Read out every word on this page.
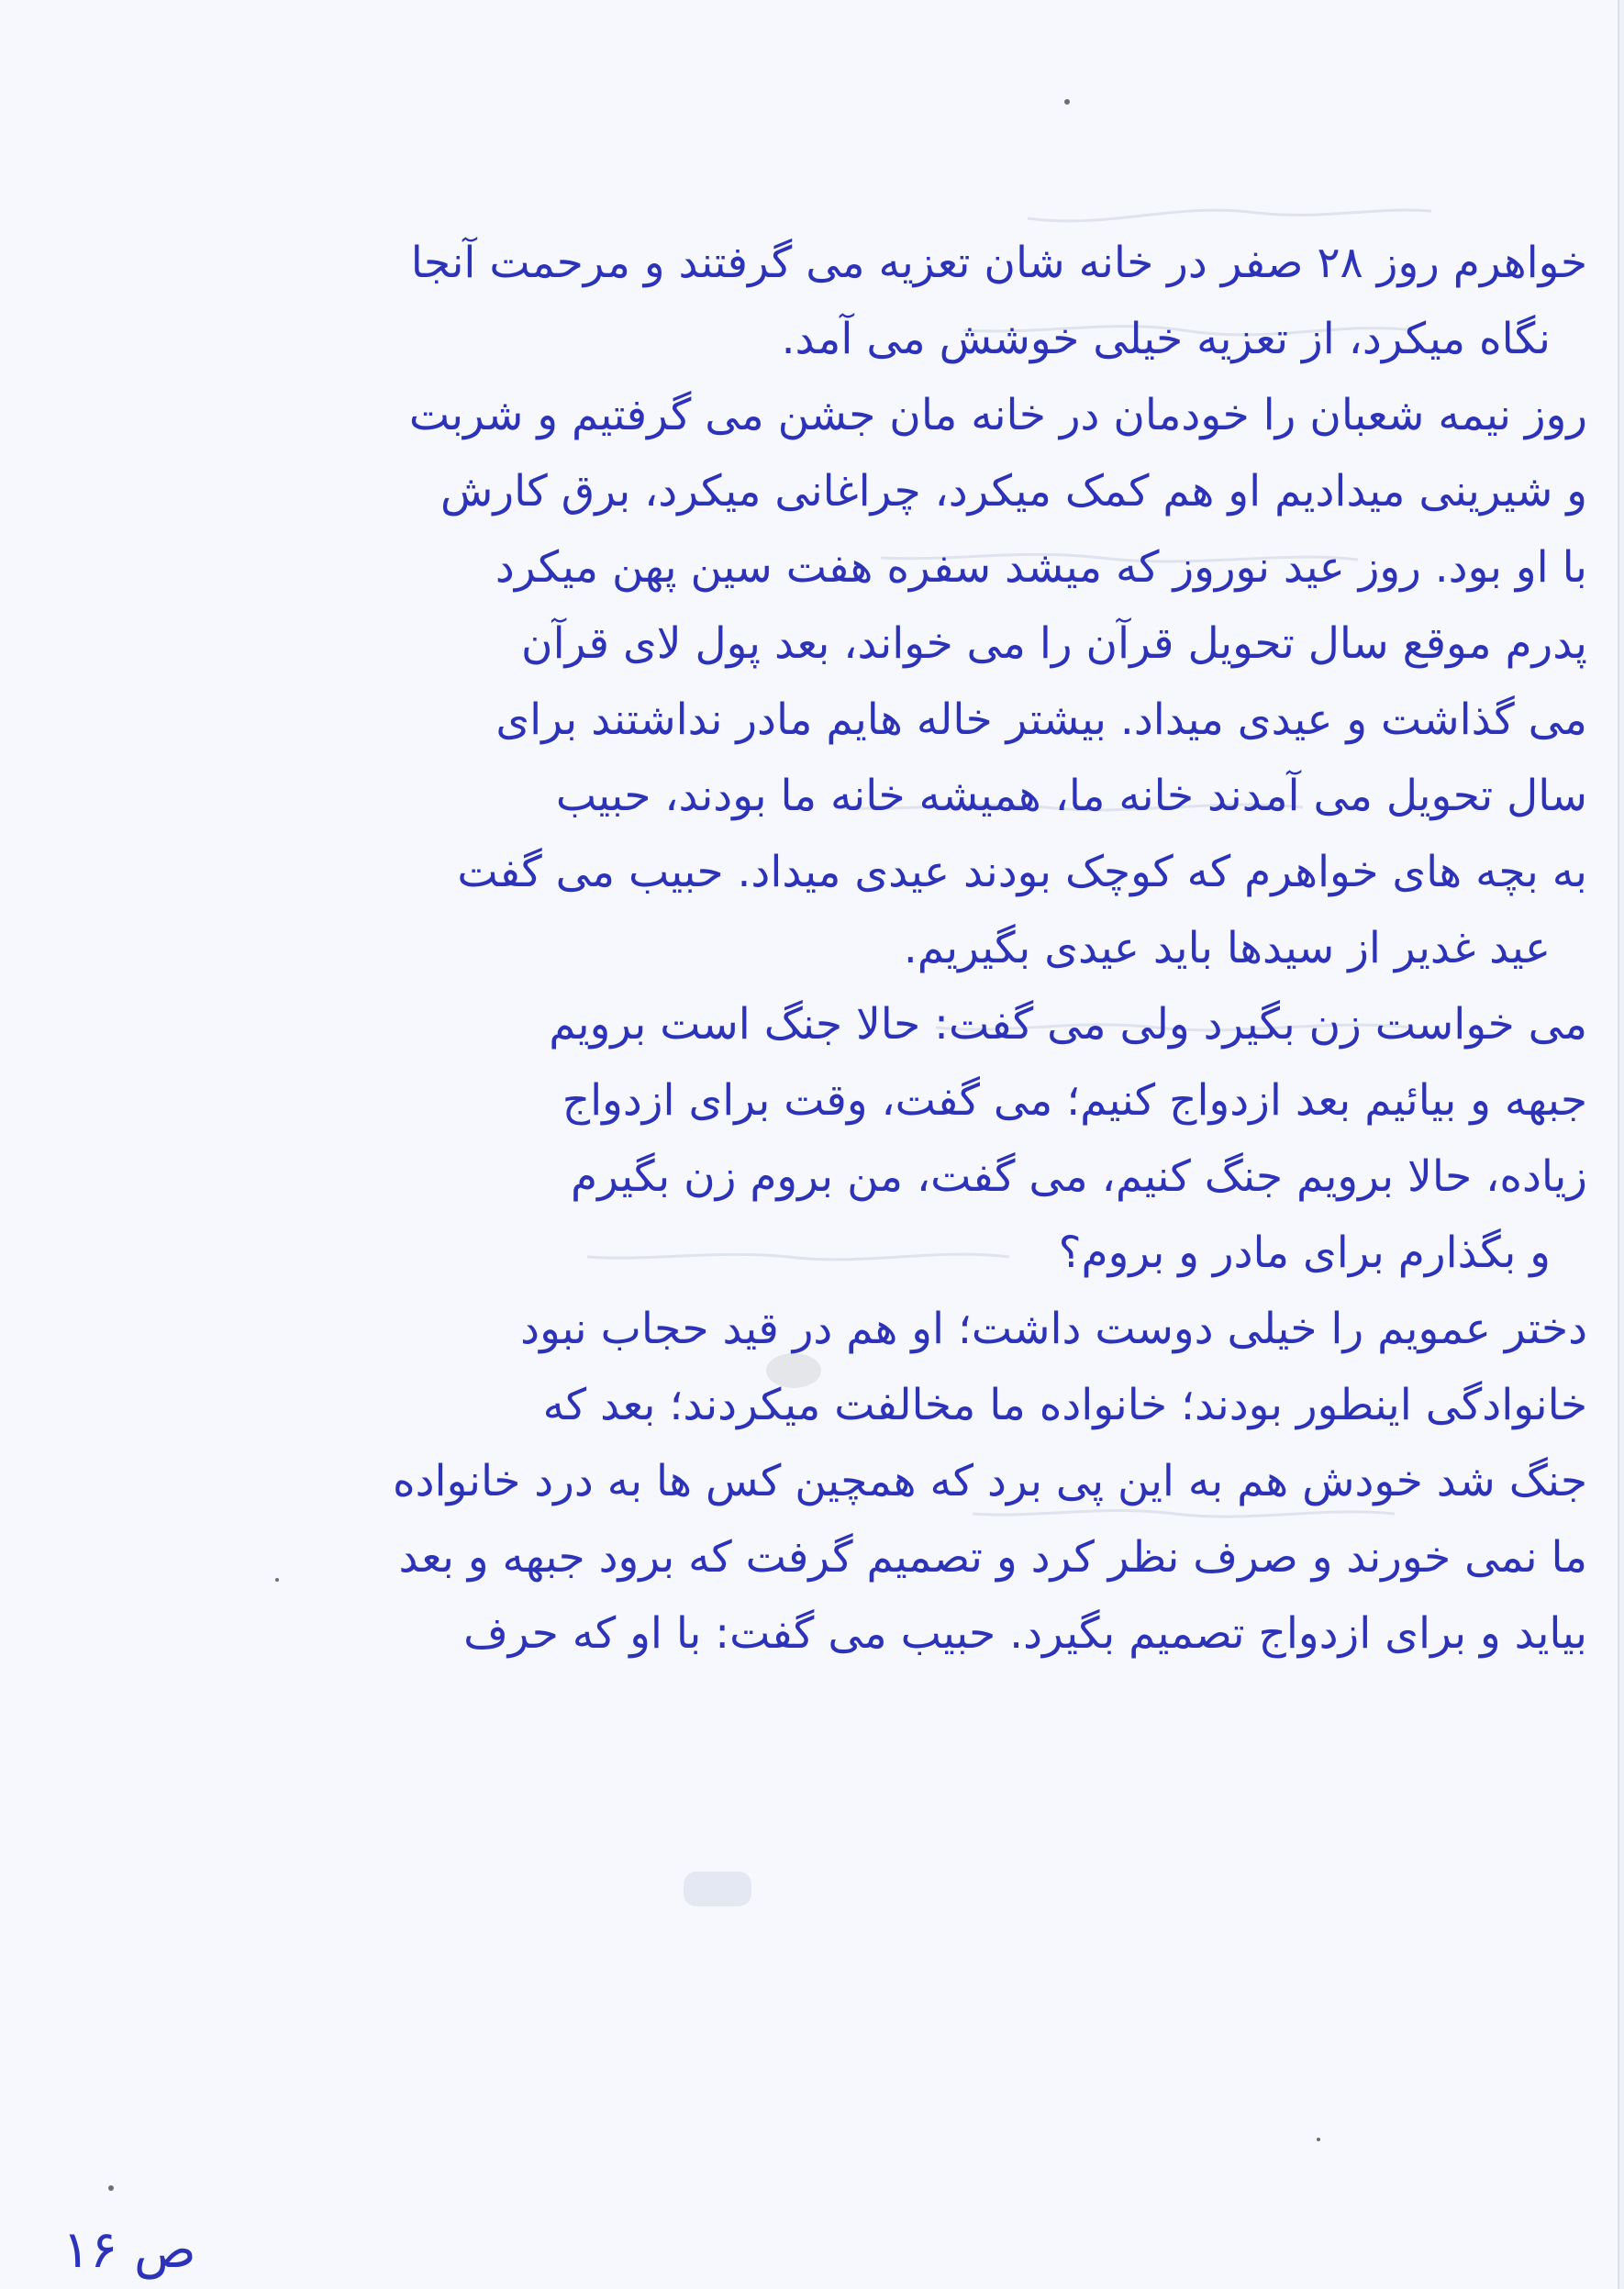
خواهرم روز ۲۸ صفر در خانه شان تعزیه می گرفتند و مرحمت آنجا
نگاه میکرد، از تعزیه خیلی خوشش می آمد.
روز نیمه شعبان را خودمان در خانه مان جشن می گرفتیم و شربت
و شیرینی میدادیم او هم کمک میکرد، چراغانی میکرد، برق کارش
با او بود. روز عید نوروز که میشد سفره هفت سین پهن میکرد
پدرم موقع سال تحویل قرآن را می خواند، بعد پول لای قرآن
می گذاشت و عیدی میداد. بیشتر خاله هایم مادر نداشتند برای
سال تحویل می آمدند خانه ما، همیشه خانه ما بودند، حبیب
به بچه های خواهرم که کوچک بودند عیدی میداد. حبیب می گفت
عید غدیر از سیدها باید عیدی بگیریم.
می خواست زن بگیرد ولی می گفت: حالا جنگ است برویم
جبهه و بیائیم بعد ازدواج کنیم؛ می گفت، وقت برای ازدواج
زیاده، حالا برویم جنگ کنیم، می گفت، من بروم زن بگیرم
و بگذارم برای مادر و بروم؟
دختر عمویم را خیلی دوست داشت؛ او هم در قید حجاب نبود
خانوادگی اینطور بودند؛ خانواده ما مخالفت میکردند؛ بعد که
جنگ شد خودش هم به این پی برد که همچین کس ها به درد خانواده
ما نمی خورند و صرف نظر کرد و تصمیم گرفت که برود جبهه و بعد
بیاید و برای ازدواج تصمیم بگیرد. حبیب می گفت: با او که حرف
ص ۱۶
